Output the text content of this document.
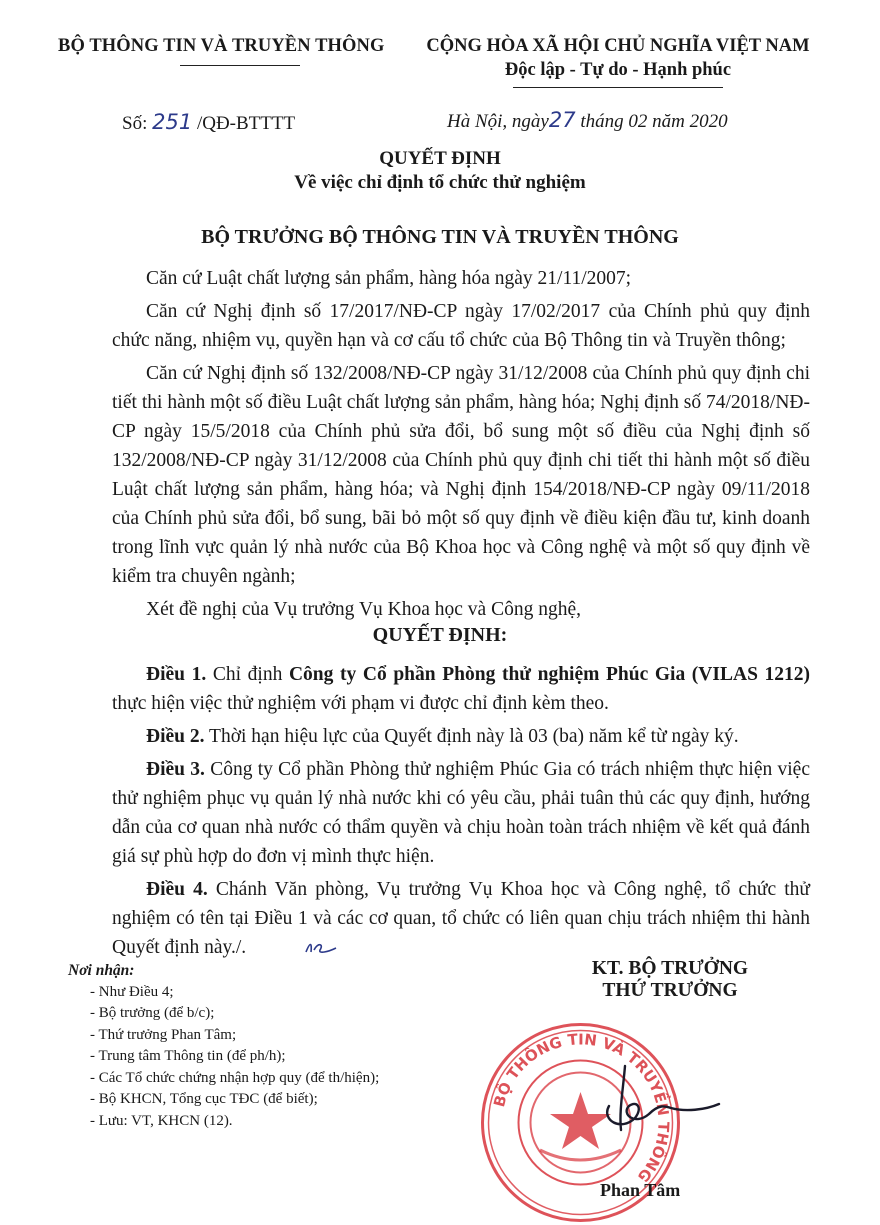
BỘ THÔNG TIN VÀ TRUYỀN THÔNG	CỘNG HÒA XÃ HỘI CHỦ NGHĨA VIỆT NAM
Độc lập - Tự do - Hạnh phúc
Số: 251 /QĐ-BTTTT	Hà Nội, ngày27 tháng 02 năm 2020
QUYẾT ĐỊNH
Về việc chỉ định tổ chức thử nghiệm
BỘ TRƯỞNG BỘ THÔNG TIN VÀ TRUYỀN THÔNG

Căn cứ Luật chất lượng sản phẩm, hàng hóa ngày 21/11/2007;

Căn cứ Nghị định số 17/2017/NĐ-CP ngày 17/02/2017 của Chính phủ quy định chức năng, nhiệm vụ, quyền hạn và cơ cấu tổ chức của Bộ Thông tin và Truyền thông;

Căn cứ Nghị định số 132/2008/NĐ-CP ngày 31/12/2008 của Chính phủ quy định chi tiết thi hành một số điều Luật chất lượng sản phẩm, hàng hóa; Nghị định số 74/2018/NĐ-CP ngày 15/5/2018 của Chính phủ sửa đổi, bổ sung một số điều của Nghị định số 132/2008/NĐ-CP ngày 31/12/2008 của Chính phủ quy định chi tiết thi hành một số điều Luật chất lượng sản phẩm, hàng hóa; và Nghị định 154/2018/NĐ-CP ngày 09/11/2018 của Chính phủ sửa đổi, bổ sung, bãi bỏ một số quy định về điều kiện đầu tư, kinh doanh trong lĩnh vực quản lý nhà nước của Bộ Khoa học và Công nghệ và một số quy định về kiểm tra chuyên ngành;

Xét đề nghị của Vụ trưởng Vụ Khoa học và Công nghệ,

QUYẾT ĐỊNH:

Điều 1. Chỉ định Công ty Cổ phần Phòng thử nghiệm Phúc Gia (VILAS 1212) thực hiện việc thử nghiệm với phạm vi được chỉ định kèm theo.

Điều 2. Thời hạn hiệu lực của Quyết định này là 03 (ba) năm kể từ ngày ký.

Điều 3. Công ty Cổ phần Phòng thử nghiệm Phúc Gia có trách nhiệm thực hiện việc thử nghiệm phục vụ quản lý nhà nước khi có yêu cầu, phải tuân thủ các quy định, hướng dẫn của cơ quan nhà nước có thẩm quyền và chịu hoàn toàn trách nhiệm về kết quả đánh giá sự phù hợp do đơn vị mình thực hiện.

Điều 4. Chánh Văn phòng, Vụ trưởng Vụ Khoa học và Công nghệ, tổ chức thử nghiệm có tên tại Điều 1 và các cơ quan, tổ chức có liên quan chịu trách nhiệm thi hành Quyết định này./.

Nơi nhận:
- Như Điều 4;
- Bộ trưởng (để b/c);
- Thứ trưởng Phan Tâm;
- Trung tâm Thông tin (để ph/h);
- Các Tổ chức chứng nhận hợp quy (để th/hiện);
- Bộ KHCN, Tổng cục TĐC (để biết);
- Lưu: VT, KHCN (12).
BỘ THÔNG TIN VÀ TRUYỀN THÔNG
KT. BỘ TRƯỞNG
THỨ TRƯỞNG
Phan Tâm
